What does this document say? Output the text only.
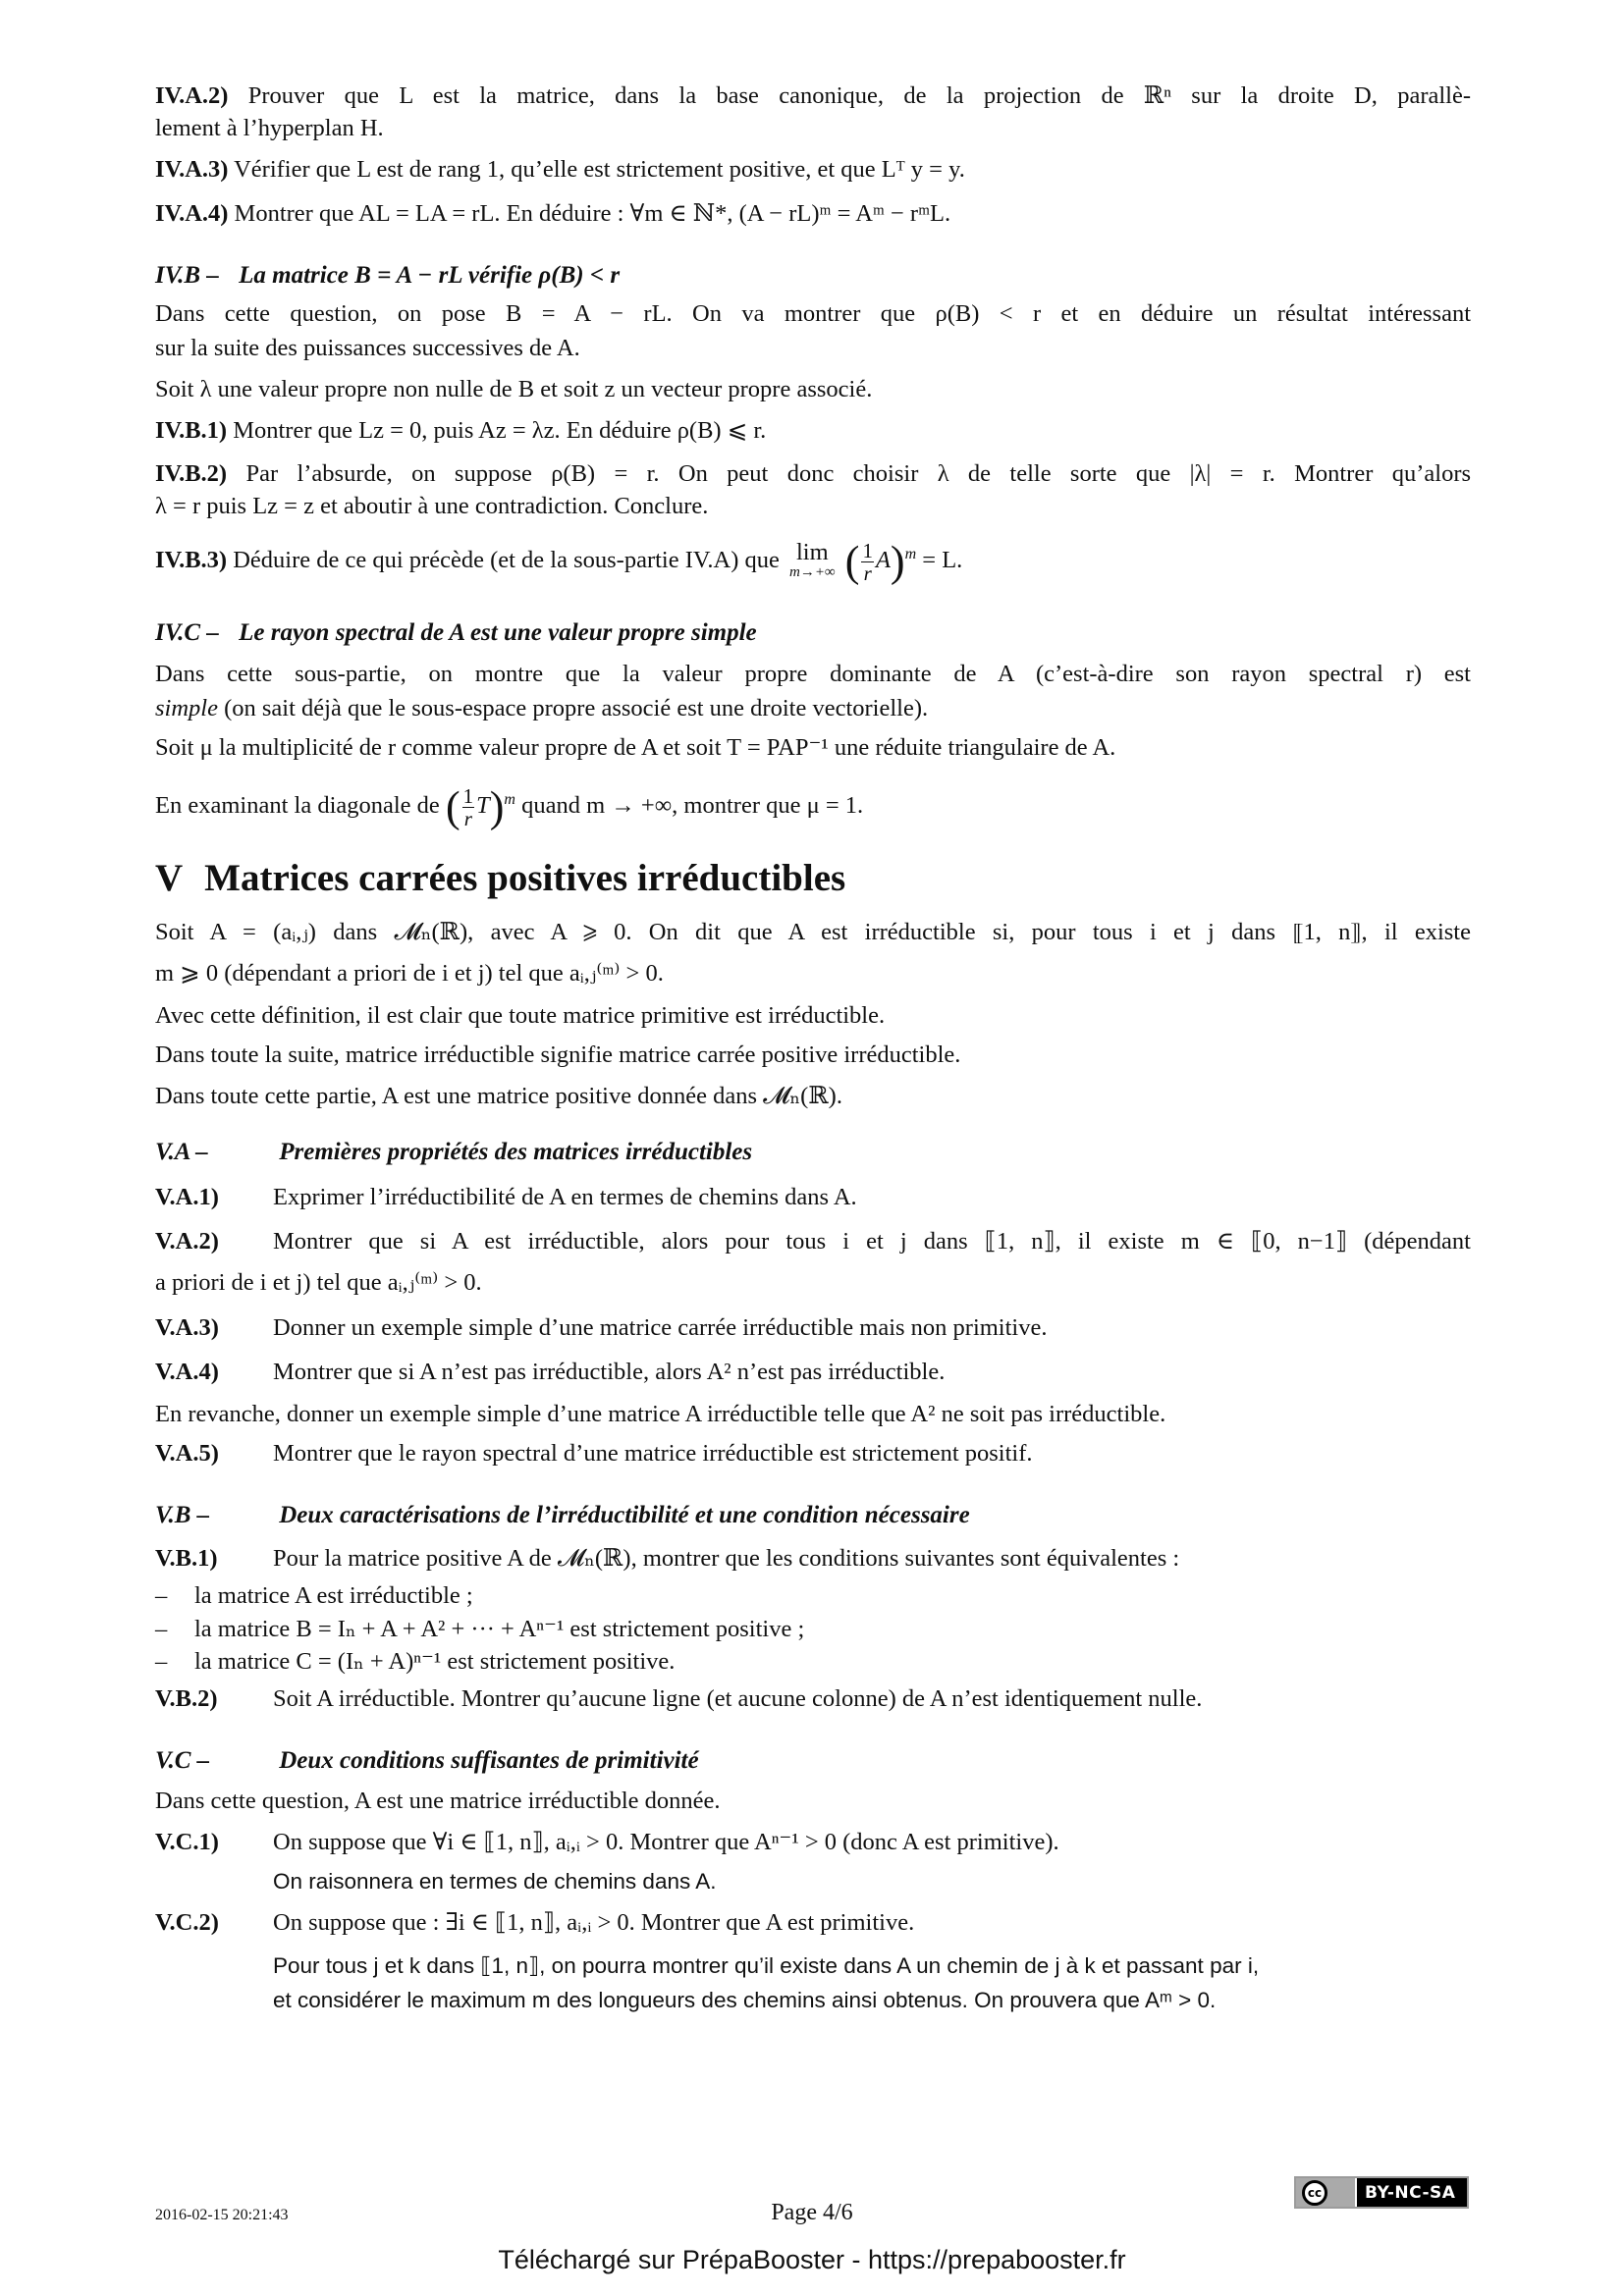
IV.A.2) Prouver que L est la matrice, dans la base canonique, de la projection de ℝⁿ sur la droite D, parallè-
lement à l’hyperplan H.
IV.A.3) Vérifier que L est de rang 1, qu’elle est strictement positive, et que Lᵀ y = y.
IV.A.4) Montrer que AL = LA = rL. En déduire : ∀m ∈ ℕ*, (A − rL)ᵐ = Aᵐ − rᵐL.
IV.B – La matrice B = A − rL vérifie ρ(B) < r
Dans cette question, on pose B = A − rL. On va montrer que ρ(B) < r et en déduire un résultat intéressant
sur la suite des puissances successives de A.
Soit λ une valeur propre non nulle de B et soit z un vecteur propre associé.
IV.B.1) Montrer que Lz = 0, puis Az = λz. En déduire ρ(B) ⩽ r.
IV.B.2) Par l’absurde, on suppose ρ(B) = r. On peut donc choisir λ de telle sorte que |λ| = r. Montrer qu’alors
λ = r puis Lz = z et aboutir à une contradiction. Conclure.
IV.B.3) Déduire de ce qui précède (et de la sous-partie IV.A) que lim
m→+∞ ( $\frac{1}{r} A)^m = L$.
IV.C – Le rayon spectral de A est une valeur propre simple
Dans cette sous-partie, on montre que la valeur propre dominante de A (c’est-à-dire son rayon spectral r) est
simple (on sait déjà que le sous-espace propre associé est une droite vectorielle).
Soit μ la multiplicité de r comme valeur propre de A et soit T = PAP⁻¹ une réduite triangulaire de A.
En examinant la diagonale de ( $\frac{1}{r} T)^m$ quand m → +∞, montrer que μ = 1.
V Matrices carrées positives irréductibles
Soit A = (aᵢ,ⱼ) dans 𝓜ₙ(ℝ), avec A ⩾ 0. On dit que A est irréductible si, pour tous i et j dans ⟦1, n⟧, il existe
m ⩾ 0 (dépendant a priori de i et j) tel que aᵢ,ⱼ⁽ᵐ⁾ > 0.
Avec cette définition, il est clair que toute matrice primitive est irréductible.
Dans toute la suite, matrice irréductible signifie matrice carrée positive irréductible.
Dans toute cette partie, A est une matrice positive donnée dans 𝓜ₙ(ℝ).
V.A –	Premières propriétés des matrices irréductibles
V.A.1) Exprimer l’irréductibilité de A en termes de chemins dans A.
V.A.2) Montrer que si A est irréductible, alors pour tous i et j dans ⟦1, n⟧, il existe m ∈ ⟦0, n−1⟧ (dépendant
a priori de i et j) tel que aᵢ,ⱼ⁽ᵐ⁾ > 0.
V.A.3) Donner un exemple simple d’une matrice carrée irréductible mais non primitive.
V.A.4) Montrer que si A n’est pas irréductible, alors A² n’est pas irréductible.
En revanche, donner un exemple simple d’une matrice A irréductible telle que A² ne soit pas irréductible.
V.A.5) Montrer que le rayon spectral d’une matrice irréductible est strictement positif.
V.B –	Deux caractérisations de l’irréductibilité et une condition nécessaire
V.B.1) Pour la matrice positive A de 𝓜ₙ(ℝ), montrer que les conditions suivantes sont équivalentes :
– la matrice A est irréductible ;
– la matrice B = Iₙ + A + A² + ··· + Aⁿ⁻¹ est strictement positive ;
– la matrice C = (Iₙ + A)ⁿ⁻¹ est strictement positive.
V.B.2) Soit A irréductible. Montrer qu’aucune ligne (et aucune colonne) de A n’est identiquement nulle.
V.C –	Deux conditions suffisantes de primitivité
Dans cette question, A est une matrice irréductible donnée.
V.C.1) On suppose que ∀i ∈ ⟦1, n⟧, aᵢ,ᵢ > 0. Montrer que Aⁿ⁻¹ > 0 (donc A est primitive).
On raisonnera en termes de chemins dans A.
V.C.2) On suppose que : ∃i ∈ ⟦1, n⟧, aᵢ,ᵢ > 0. Montrer que A est primitive.
Pour tous j et k dans ⟦1, n⟧, on pourra montrer qu’il existe dans A un chemin de j à k et passant par i,
et considérer le maximum m des longueurs des chemins ainsi obtenus. On prouvera que Aᵐ > 0.
2016-02-15 20:21:43	Page 4/6
cc	BY-NC-SA
Téléchargé sur PrépaBooster - https://prepabooster.fr
